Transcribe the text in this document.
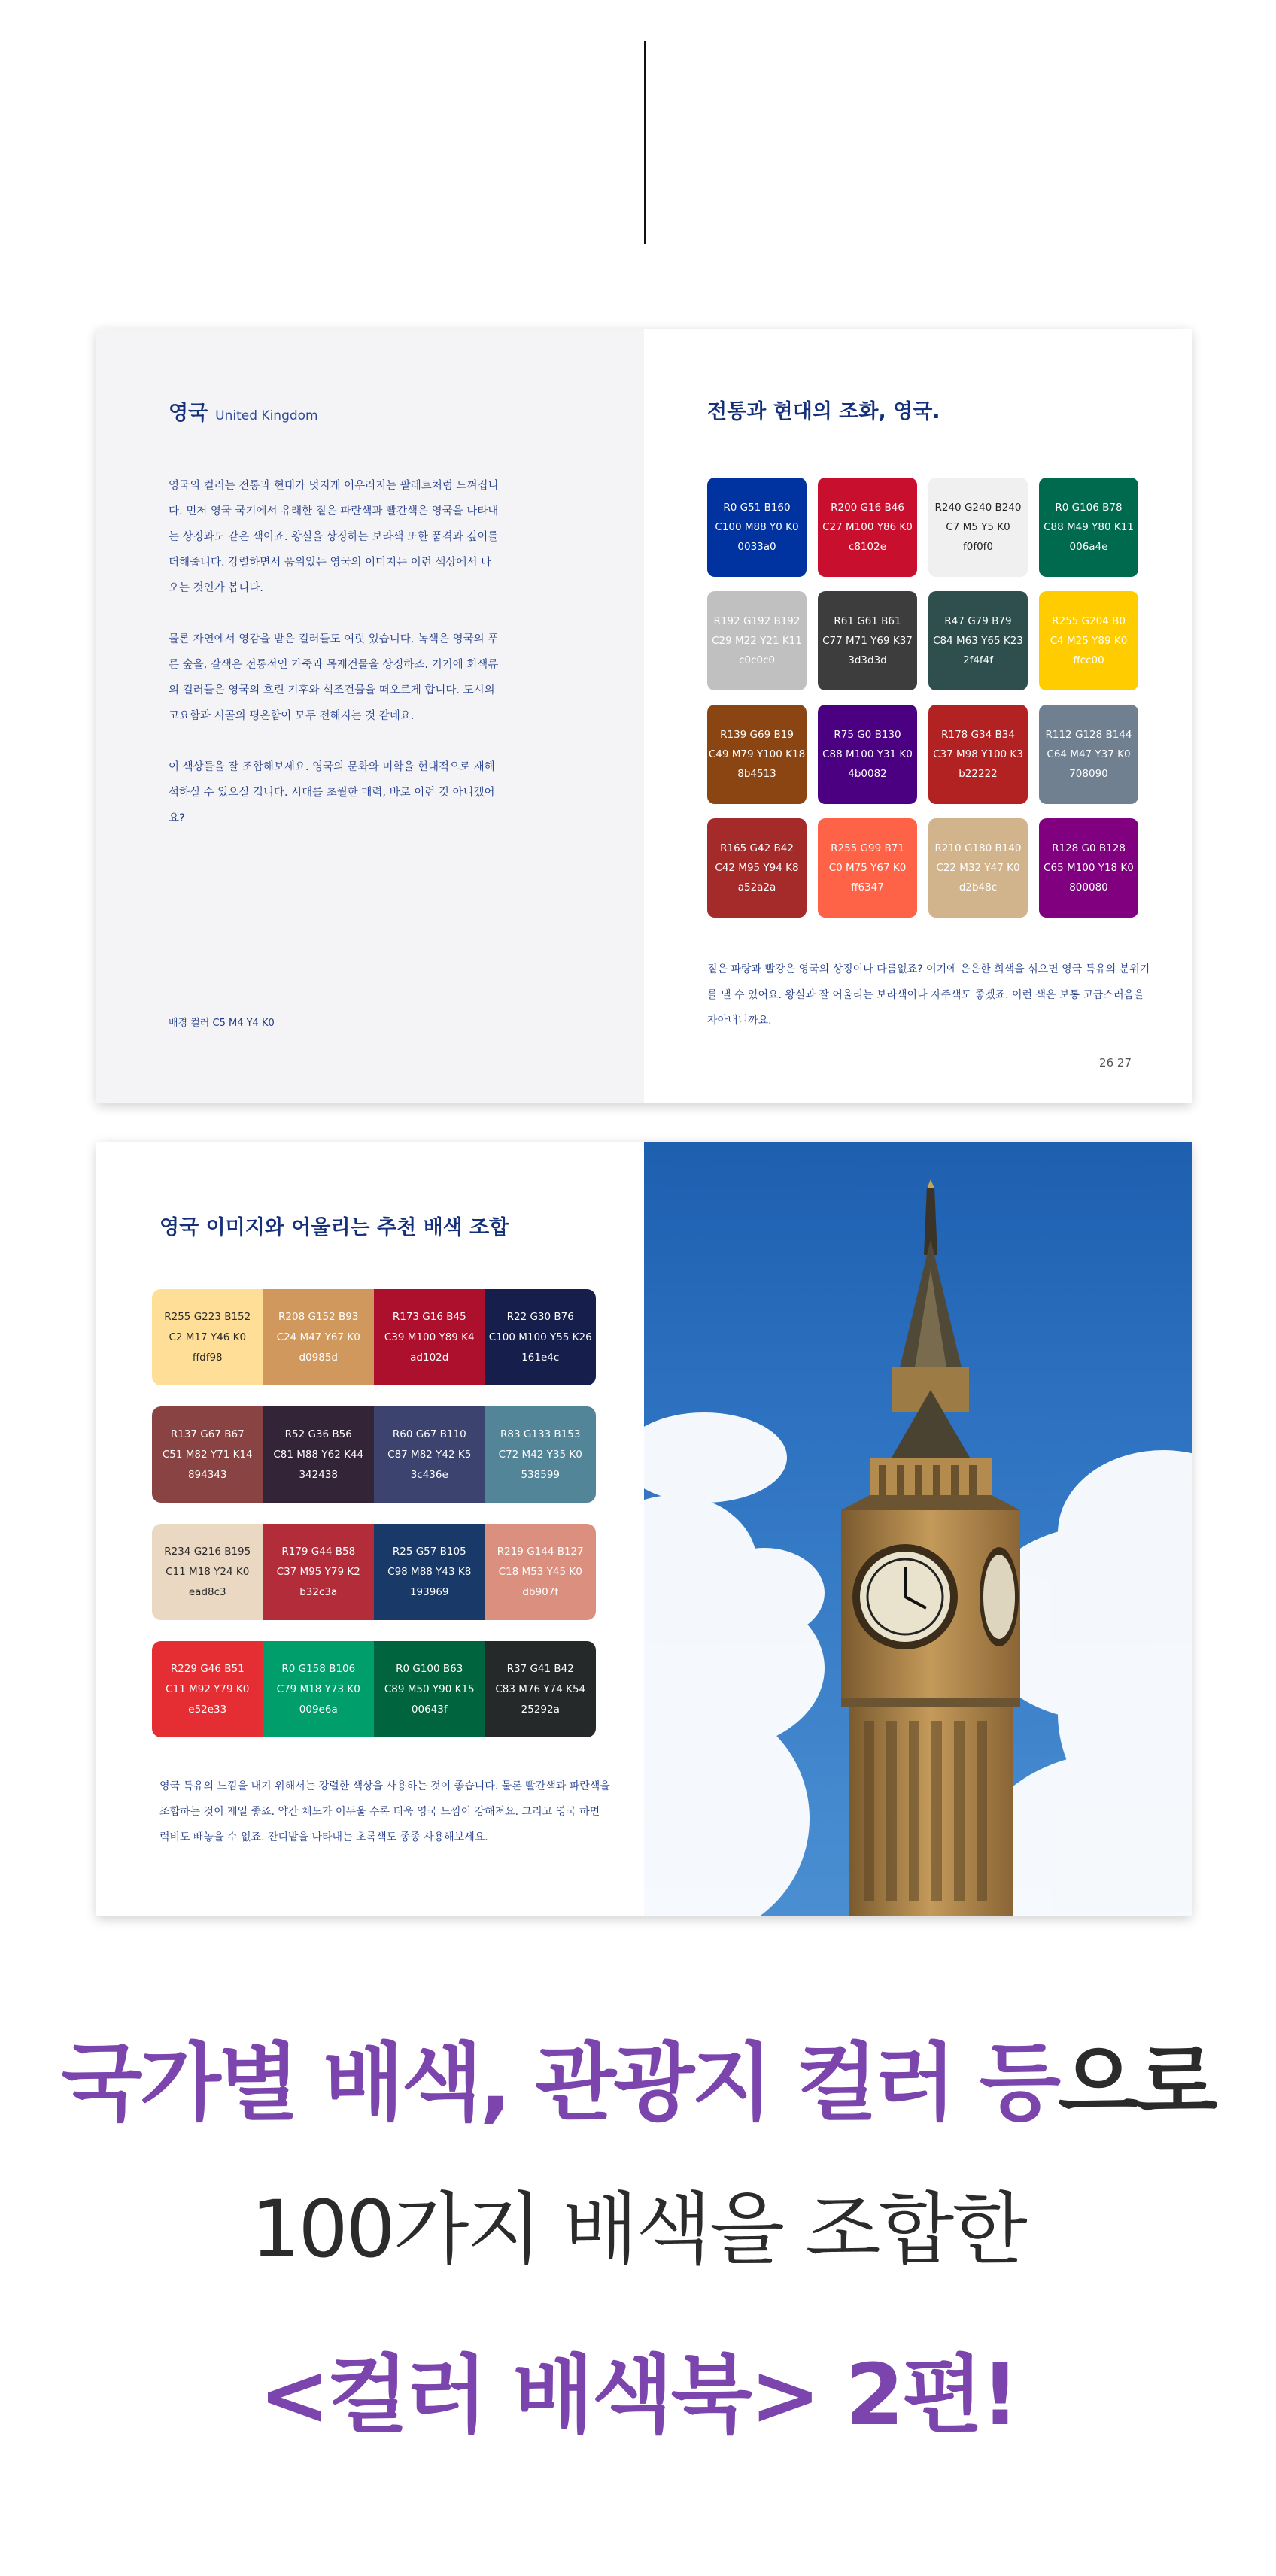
영국 United Kingdom

영국의 컬러는 전통과 현대가 멋지게 어우러지는 팔레트처럼 느껴집니다. 먼저 영국 국기에서 유래한 짙은 파란색과 빨간색은 영국을 나타내는 상징과도 같은 색이죠. 왕실을 상징하는 보라색 또한 품격과 깊이를 더해줍니다. 강렬하면서 품위있는 영국의 이미지는 이런 색상에서 나오는 것인가 봅니다.

물론 자연에서 영감을 받은 컬러들도 여럿 있습니다. 녹색은 영국의 푸른 숲을, 갈색은 전통적인 가죽과 목재건물을 상징하죠. 거기에 회색류의 컬러들은 영국의 흐린 기후와 석조건물을 떠오르게 합니다. 도시의 고요함과 시골의 평온함이 모두 전해지는 것 같네요.

이 색상들을 잘 조합해보세요. 영국의 문화와 미학을 현대적으로 재해석하실 수 있으실 겁니다. 시대를 초월한 매력, 바로 이런 것 아니겠어요?

배경 컬러 C5 M4 Y4 K0
전통과 현대의 조화, 영국.
R0 G51 B160
C100 M88 Y0 K0
0033a0
R200 G16 B46
C27 M100 Y86 K0
c8102e
R240 G240 B240
C7 M5 Y5 K0
f0f0f0
R0 G106 B78
C88 M49 Y80 K11
006a4e
R192 G192 B192
C29 M22 Y21 K11
c0c0c0
R61 G61 B61
C77 M71 Y69 K37
3d3d3d
R47 G79 B79
C84 M63 Y65 K23
2f4f4f
R255 G204 B0
C4 M25 Y89 K0
ffcc00
R139 G69 B19
C49 M79 Y100 K18
8b4513
R75 G0 B130
C88 M100 Y31 K0
4b0082
R178 G34 B34
C37 M98 Y100 K3
b22222
R112 G128 B144
C64 M47 Y37 K0
708090
R165 G42 B42
C42 M95 Y94 K8
a52a2a
R255 G99 B71
C0 M75 Y67 K0
ff6347
R210 G180 B140
C22 M32 Y47 K0
d2b48c
R128 G0 B128
C65 M100 Y18 K0
800080
짙은 파랑과 빨강은 영국의 상징이나 다름없죠? 여기에 은은한 회색을 섞으면 영국 특유의 분위기를 낼 수 있어요. 왕실과 잘 어울리는 보라색이나 자주색도 좋겠죠. 이런 색은 보통 고급스러움을 자아내니까요.
26 27
영국 이미지와 어울리는 추천 배색 조합
R255 G223 B152
C2 M17 Y46 K0
ffdf98
R208 G152 B93
C24 M47 Y67 K0
d0985d
R173 G16 B45
C39 M100 Y89 K4
ad102d
R22 G30 B76
C100 M100 Y55 K26
161e4c
R137 G67 B67
C51 M82 Y71 K14
894343
R52 G36 B56
C81 M88 Y62 K44
342438
R60 G67 B110
C87 M82 Y42 K5
3c436e
R83 G133 B153
C72 M42 Y35 K0
538599
R234 G216 B195
C11 M18 Y24 K0
ead8c3
R179 G44 B58
C37 M95 Y79 K2
b32c3a
R25 G57 B105
C98 M88 Y43 K8
193969
R219 G144 B127
C18 M53 Y45 K0
db907f
R229 G46 B51
C11 M92 Y79 K0
e52e33
R0 G158 B106
C79 M18 Y73 K0
009e6a
R0 G100 B63
C89 M50 Y90 K15
00643f
R37 G41 B42
C83 M76 Y74 K54
25292a
영국 특유의 느낌을 내기 위해서는 강렬한 색상을 사용하는 것이 좋습니다. 물론 빨간색과 파란색을 조합하는 것이 제일 좋죠. 약간 채도가 어두울 수록 더욱 영국 느낌이 강해져요. 그리고 영국 하면 럭비도 빼놓을 수 없죠. 잔디밭을 나타내는 초록색도 종종 사용해보세요.
국가별 배색, 관광지 컬러 등으로
100가지 배색을 조합한
<컬러 배색북> 2편!
